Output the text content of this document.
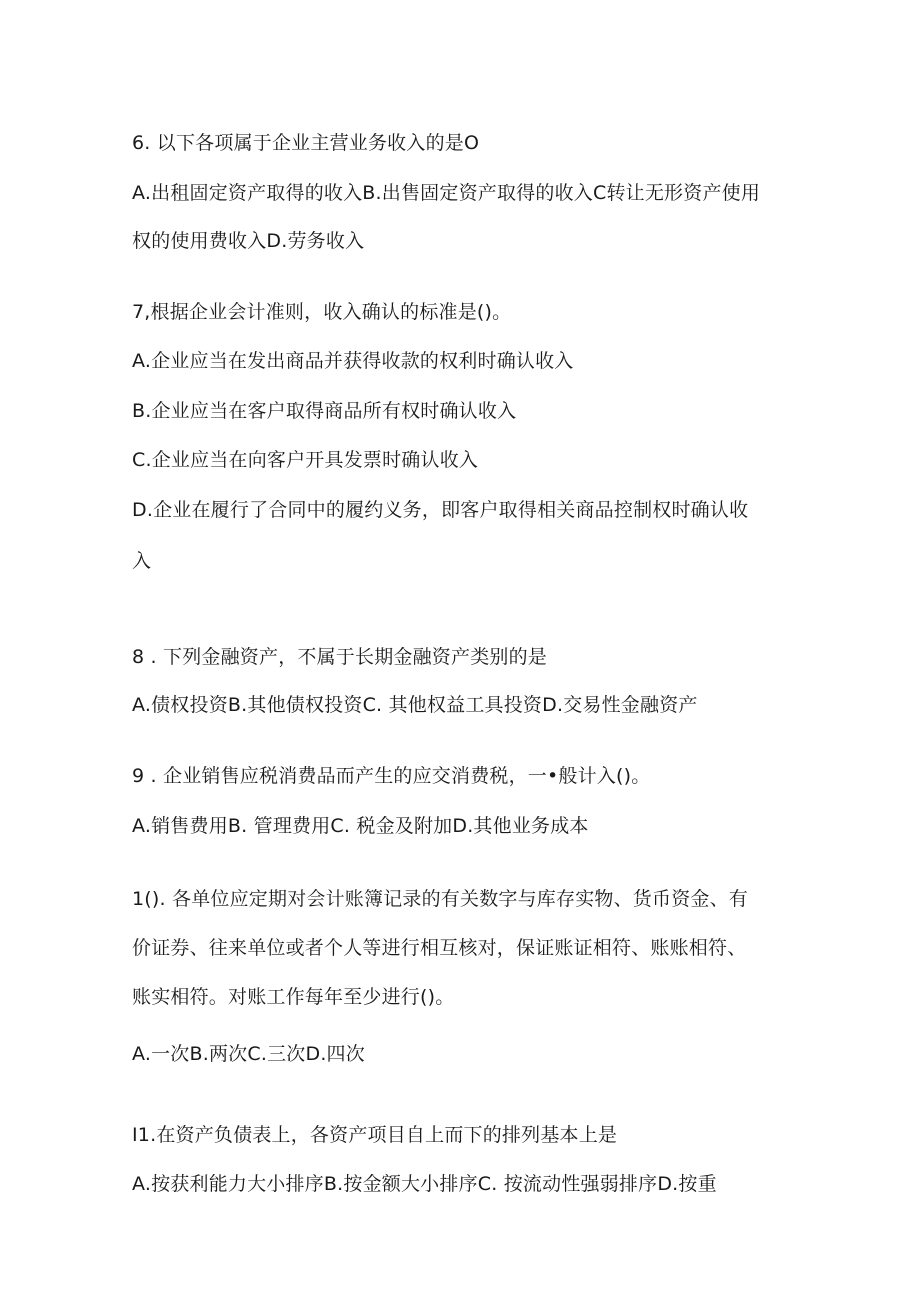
6. 以下各项属于企业主营业务收入的是O
A.出租固定资产取得的收入B.出售固定资产取得的收入C转让无形资产使用
权的使用费收入D.劳务收入
7,根据企业会计准则，收入确认的标准是()。
A.企业应当在发出商品并获得收款的权利时确认收入
B.企业应当在客户取得商品所有权时确认收入
C.企业应当在向客户开具发票时确认收入
D.企业在履行了合同中的履约义务，即客户取得相关商品控制权时确认收
入
8 . 下列金融资产，不属于长期金融资产类别的是
A.债权投资B.其他债权投资C. 其他权益工具投资D.交易性金融资产
9 . 企业销售应税消费品而产生的应交消费税，一•般计入()。
A.销售费用B. 管理费用C. 税金及附加D.其他业务成本
1(). 各单位应定期对会计账簿记录的有关数字与库存实物、货币资金、有
价证券、往来单位或者个人等进行相互核对，保证账证相符、账账相符、
账实相符。对账工作每年至少进行()。
A.一次B.两次C.三次D.四次
I1.在资产负债表上，各资产项目自上而下的排列基本上是
A.按获利能力大小排序B.按金额大小排序C. 按流动性强弱排序D.按重
